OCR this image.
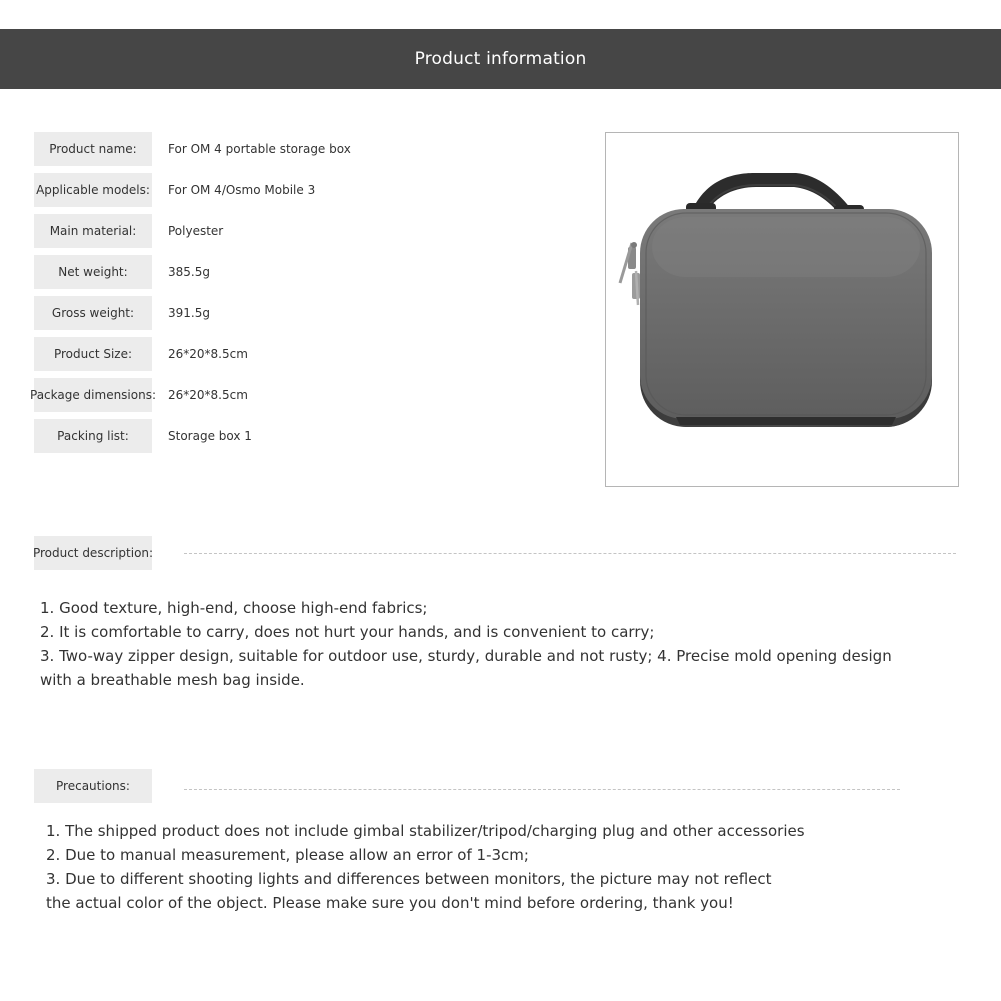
Product information
Product name:	For OM 4 portable storage box
Applicable models: For OM 4/Osmo Mobile 3
Main material:	Polyester
Net weight:	385.5g
Gross weight:	391.5g
Product Size:	26*20*8.5cm
Package dimensions: 26*20*8.5cm
Packing list:	Storage box 1
Product description:
1. Good texture, high-end, choose high-end fabrics;
2. It is comfortable to carry, does not hurt your hands, and is convenient to carry;
3. Two-way zipper design, suitable for outdoor use, sturdy, durable and not rusty; 4. Precise mold opening design
with a breathable mesh bag inside.
Precautions:
1. The shipped product does not include gimbal stabilizer/tripod/charging plug and other accessories
2. Due to manual measurement, please allow an error of 1-3cm;
3. Due to different shooting lights and differences between monitors, the picture may not reflect
the actual color of the object. Please make sure you don't mind before ordering, thank you!
